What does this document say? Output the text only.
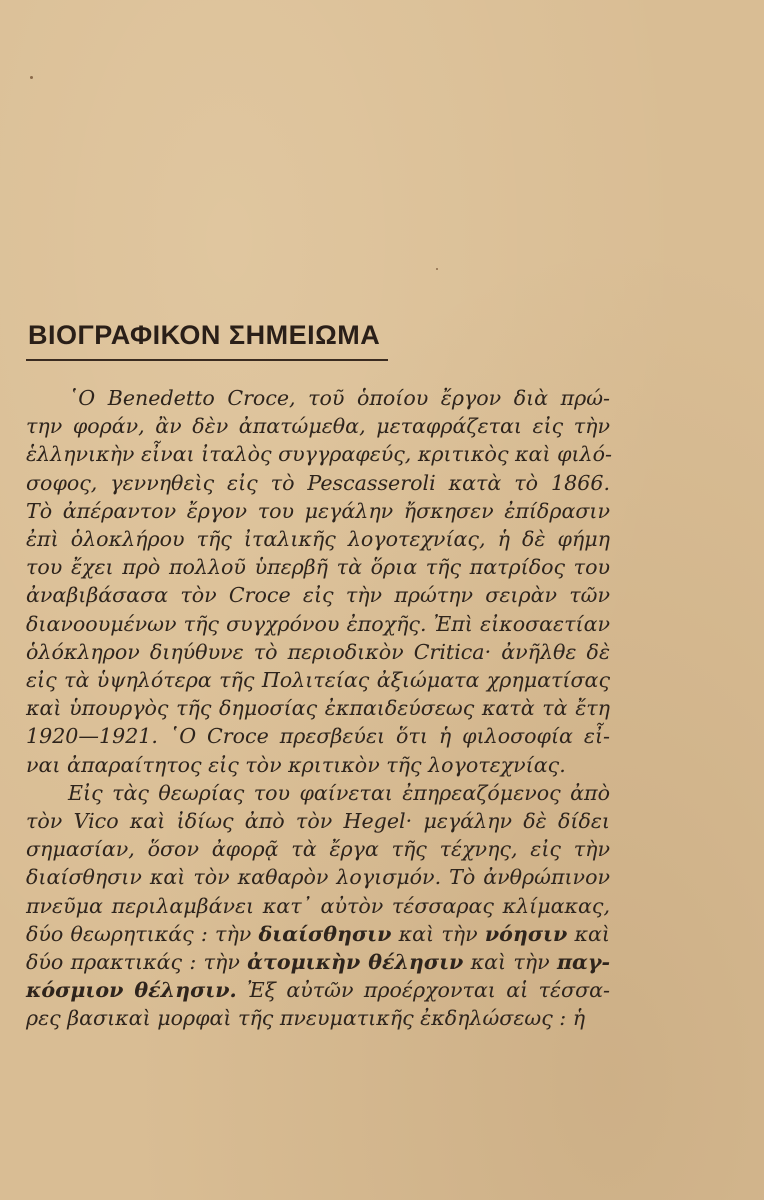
ΒΙΟΓΡΑΦΙΚΟΝ ΣΗΜΕΙΩΜΑ

῾Ο Benedetto Croce, τοῦ ὁποίου ἔργον διὰ πρώ-
την φοράν, ἂν δὲν ἀπατώμεθα, μεταφράζεται εἰς τὴν
ἑλληνικὴν εἶναι ἰταλὸς συγγραφεύς, κριτικὸς καὶ φιλό-
σοφος, γεννηθεὶς εἰς τὸ Pescasseroli κατὰ τὸ 1866.
Τὸ ἀπέραντον ἔργον του μεγάλην ἤσκησεν ἐπίδρασιν
ἐπὶ ὁλοκλήρου τῆς ἰταλικῆς λογοτεχνίας, ἡ δὲ φήμη
του ἔχει πρὸ πολλοῦ ὑπερβῆ τὰ ὅρια τῆς πατρίδος του
ἀναβιβάσασα τὸν Croce εἰς τὴν πρώτην σειρὰν τῶν
διανοουμένων τῆς συγχρόνου ἐποχῆς. Ἐπὶ εἰκοσαετίαν
ὁλόκληρον διηύθυνε τὸ περιοδικὸν Critica· ἀνῆλθε δὲ
εἰς τὰ ὑψηλότερα τῆς Πολιτείας ἀξιώματα χρηματίσας
καὶ ὑπουργὸς τῆς δημοσίας ἐκπαιδεύσεως κατὰ τὰ ἔτη
1920—1921. ῾Ο Croce πρεσβεύει ὅτι ἡ φιλοσοφία εἶ-
ναι ἀπαραίτητος εἰς τὸν κριτικὸν τῆς λογοτεχνίας.

Εἰς τὰς θεωρίας του φαίνεται ἐπηρεαζόμενος ἀπὸ
τὸν Vico καὶ ἰδίως ἀπὸ τὸν Hegel· μεγάλην δὲ δίδει
σημασίαν, ὅσον ἀφορᾷ τὰ ἔργα τῆς τέχνης, εἰς τὴν
διαίσθησιν καὶ τὸν καθαρὸν λογισμόν. Τὸ ἀνθρώπινον
πνεῦμα περιλαμβάνει κατ᾿ αὐτὸν τέσσαρας κλίμακας,
δύο θεωρητικάς : τὴν διαίσθησιν καὶ τὴν νόησιν καὶ
δύο πρακτικάς : τὴν ἀτομικὴν θέλησιν καὶ τὴν παγ-
κόσμιον θέλησιν. Ἐξ αὐτῶν προέρχονται αἱ τέσσα-
ρες βασικαὶ μορφαὶ τῆς πνευματικῆς ἐκδηλώσεως : ἡ
